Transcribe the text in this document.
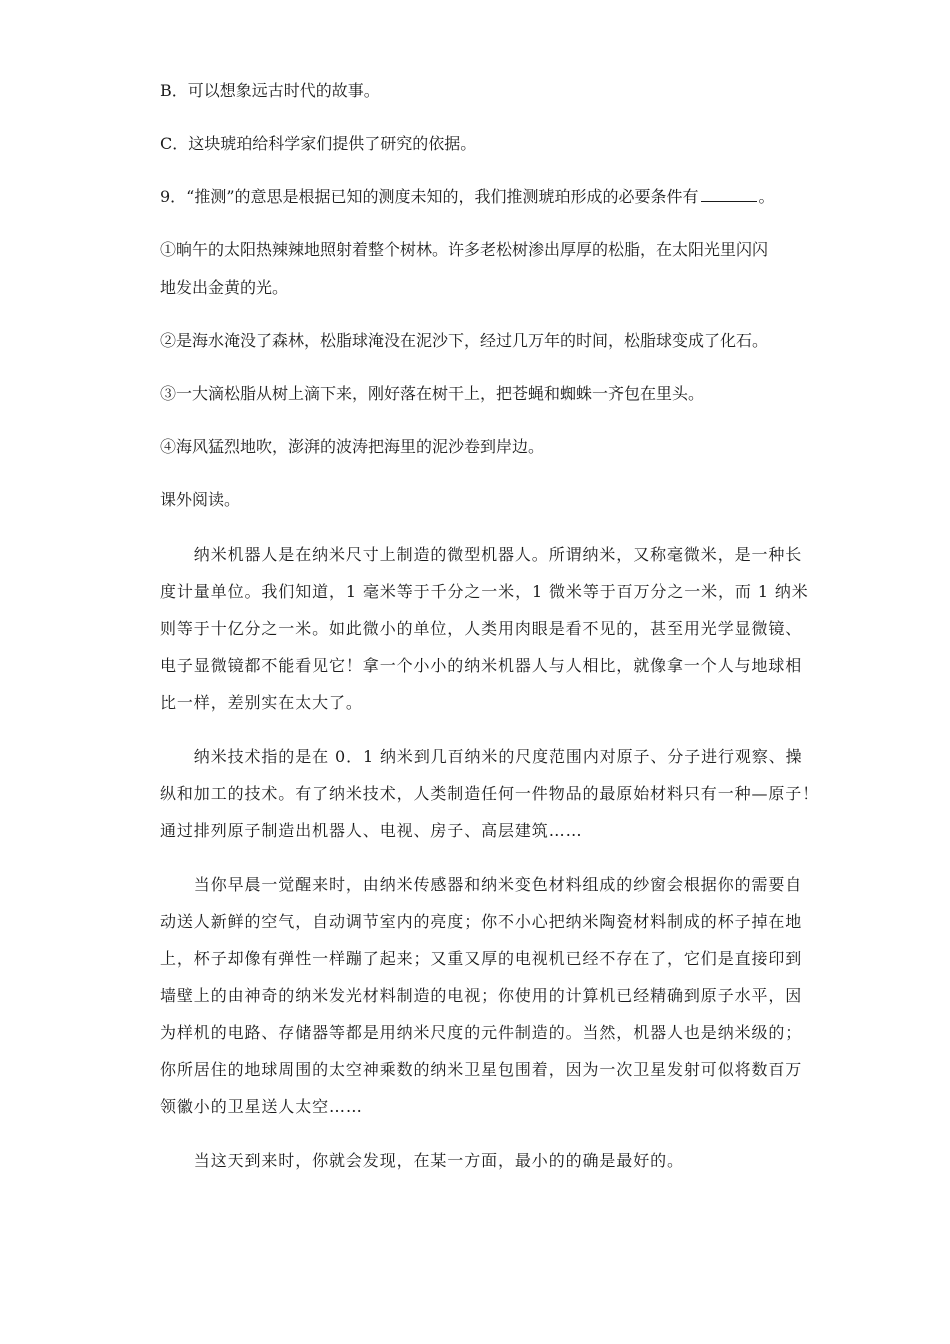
B．可以想象远古时代的故事。
C．这块琥珀给科学家们提供了研究的依据。
9．“推测”的意思是根据已知的测度未知的，我们推测琥珀形成的必要条件有	。
①晌午的太阳热辣辣地照射着整个树林。许多老松树渗出厚厚的松脂，在太阳光里闪闪
地发出金黄的光。
②是海水淹没了森林，松脂球淹没在泥沙下，经过几万年的时间，松脂球变成了化石。
③一大滴松脂从树上滴下来，刚好落在树干上，把苍蝇和蜘蛛一齐包在里头。
④海风猛烈地吹，澎湃的波涛把海里的泥沙卷到岸边。
课外阅读。
　　纳米机器人是在纳米尺寸上制造的微型机器人。所谓纳米，又称毫微米，是一种长
度计量单位。我们知道，1 毫米等于千分之一米，1 微米等于百万分之一米，而 1 纳米
则等于十亿分之一米。如此微小的单位，人类用肉眼是看不见的，甚至用光学显微镜、
电子显微镜都不能看见它！拿一个小小的纳米机器人与人相比，就像拿一个人与地球相
比一样，差别实在太大了。
　　纳米技术指的是在 0．1 纳米到几百纳米的尺度范围内对原子、分子进行观察、操
纵和加工的技术。有了纳米技术，人类制造任何一件物品的最原始材料只有一种—原子！
通过排列原子制造出机器人、电视、房子、高层建筑……
　　当你早晨一觉醒来时，由纳米传感器和纳米变色材料组成的纱窗会根据你的需要自
动送人新鲜的空气，自动调节室内的亮度；你不小心把纳米陶瓷材料制成的杯子掉在地
上，杯子却像有弹性一样蹦了起来；又重又厚的电视机已经不存在了，它们是直接印到
墙壁上的由神奇的纳米发光材料制造的电视；你使用的计算机已经精确到原子水平，因
为样机的电路、存储器等都是用纳米尺度的元件制造的。当然，机器人也是纳米级的；
你所居住的地球周围的太空神乘数的纳米卫星包围着，因为一次卫星发射可似将数百万
领徽小的卫星送人太空……
　　当这天到来时，你就会发现，在某一方面，最小的的确是最好的。
